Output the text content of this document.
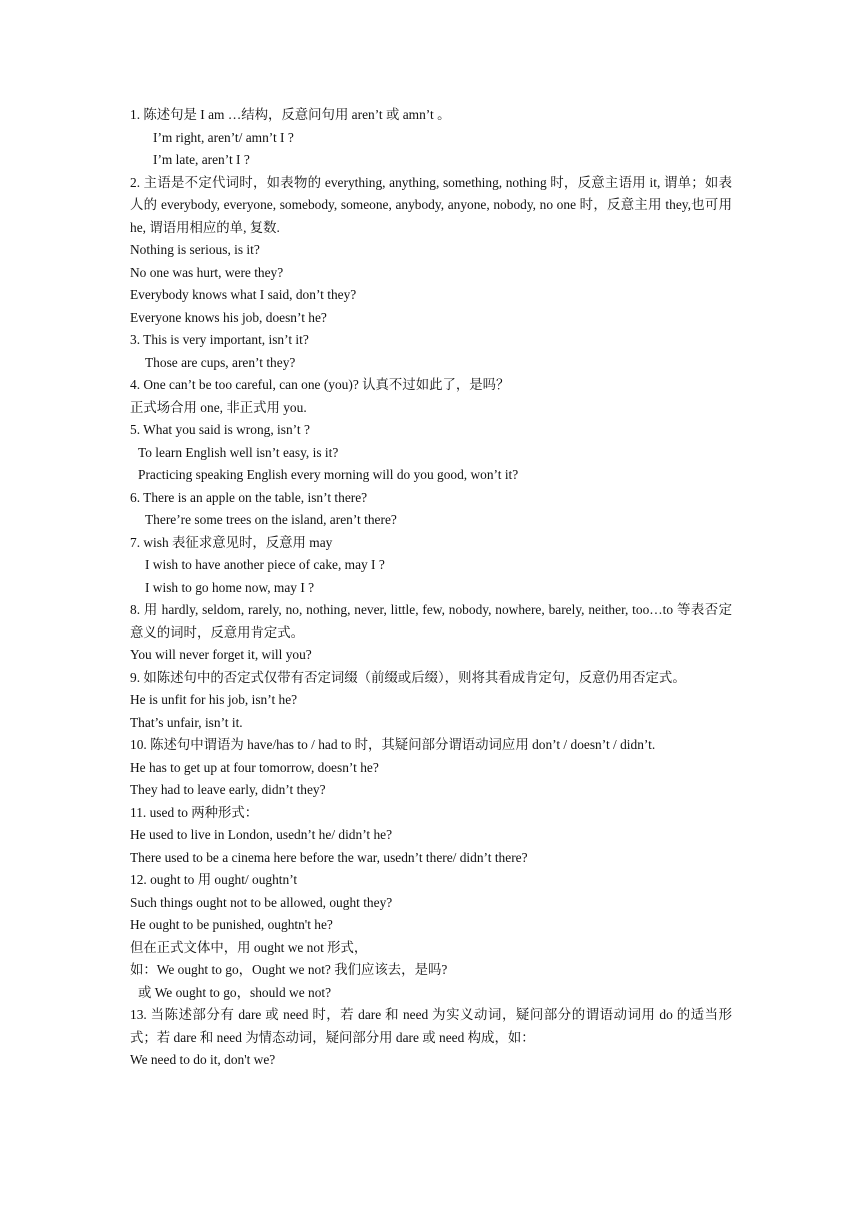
1. 陈述句是 I am …结构，反意问句用 aren’t 或 amn’t 。
I’m right, aren’t/ amn’t I ?
I’m late, aren’t I ?
2. 主语是不定代词时，如表物的 everything, anything, something, nothing 时，反意主语用 it, 谓单；如表人的 everybody, everyone, somebody, someone, anybody, anyone, nobody, no one 时，反意主用 they,也可用 he, 谓语用相应的单, 复数.
Nothing is serious, is it?
No one was hurt, were they?
Everybody knows what I said, don’t they?
Everyone knows his job, doesn’t he?
3. This is very important, isn’t it?
Those are cups, aren’t they?
4. One can’t be too careful, can one (you)? 认真不过如此了，是吗？
正式场合用 one, 非正式用 you.
5. What you said is wrong, isn’t ?
To learn English well isn’t easy, is it?
Practicing speaking English every morning will do you good, won’t it?
6. There is an apple on the table, isn’t there?
There’re some trees on the island, aren’t there?
7. wish 表征求意见时，反意用 may
I wish to have another piece of cake, may I ?
I wish to go home now, may I ?
8. 用 hardly, seldom, rarely, no, nothing, never, little, few, nobody, nowhere, barely, neither, too…to 等表否定意义的词时，反意用肯定式。
You will never forget it, will you?
9. 如陈述句中的否定式仅带有否定词缀（前缀或后缀），则将其看成肯定句，反意仍用否定式。
He is unfit for his job, isn’t he?
That’s unfair, isn’t it.
10. 陈述句中谓语为 have/has to / had to 时，其疑问部分谓语动词应用 don’t / doesn’t / didn’t.
He has to get up at four tomorrow, doesn’t he?
They had to leave early, didn’t they?
11. used to 两种形式：
He used to live in London, usedn’t he/ didn’t he?
There used to be a cinema here before the war, usedn’t there/ didn’t there?
12. ought to 用 ought/ oughtn’t
Such things ought not to be allowed, ought they?
He ought to be punished, oughtn't he?
但在正式文体中，用 ought we not 形式，
如：We ought to go，Ought we not? 我们应该去，是吗?
或 We ought to go，should we not?
13. 当陈述部分有 dare 或 need 时，若 dare 和 need 为实义动词，疑问部分的谓语动词用 do 的适当形式；若 dare 和 need 为情态动词，疑问部分用 dare 或 need 构成，如：
We need to do it, don't we?
